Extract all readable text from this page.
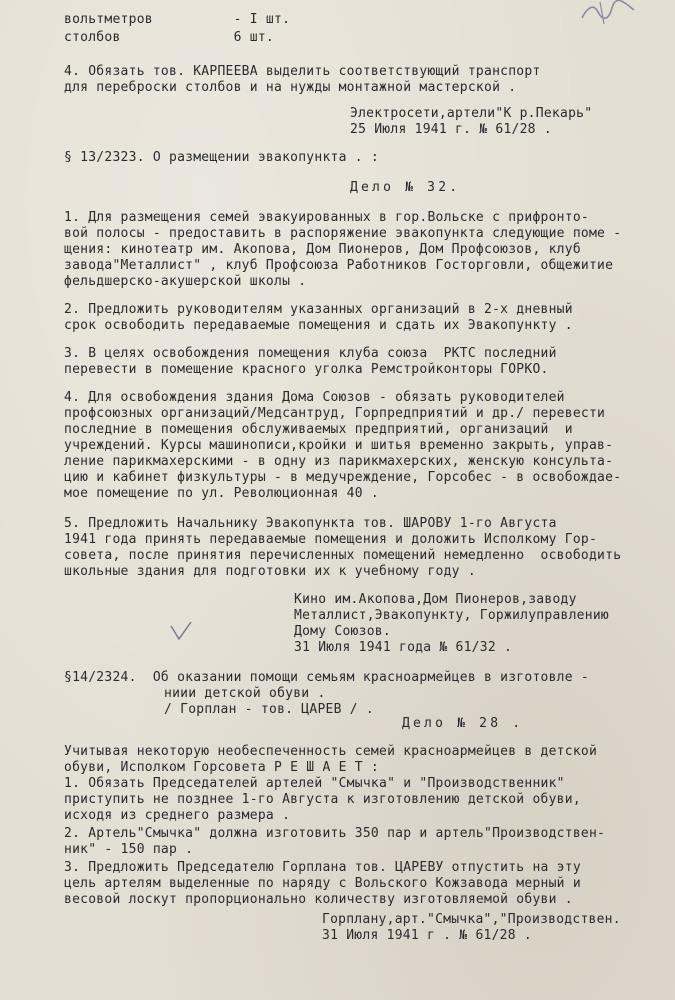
вольтметров          - I шт.
столбов              6 шт.
4. Обязать тов. КАРПЕЕВА выделить соответствующий транспорт
для переброски столбов и на нужды монтажной мастерской .
Электросети,артели"К р.Пекарь"
25 Июля 1941 г. № 61/28 .
§ 13/2323. О размещении эвакопункта . :
Дело № 32.
1. Для размещения семей эвакуированных в гор.Вольске с прифронто-
вой полосы - предоставить в распоряжение эвакопункта следующие поме -
щения: кинотеатр им. Акопова, Дом Пионеров, Дом Профсоюзов, клуб
завода"Металлист" , клуб Профсоюза Работников Госторговли, общежитие
фельдшерско-акушерской школы .
2. Предложить руководителям указанных организаций в 2-х дневный
срок освободить передаваемые помещения и сдать их Эвакопункту .
3. В целях освобождения помещения клуба союза  РКТС последний
перевести в помещение красного уголка Ремстройконторы ГОРКО.
4. Для освобождения здания Дома Союзов - обязать руководителей
профсоюзных организаций/Медсантруд, Горпредприятий и др./ перевести
последние в помещения обслуживаемых предприятий, организаций  и
учреждений. Курсы машинописи,кройки и шитья временно закрыть, управ-
ление парикмахерскими - в одну из парикмахерских, женскую консульта-
цию и кабинет физкультуры - в медучреждение, Горсобес - в освобождае-
мое помещение по ул. Революционная 40 .
5. Предложить Начальнику Эвакопункта тов. ШАРОВУ 1-го Августа
1941 года принять передаваемые помещения и доложить Исполкому Гор-
совета, после принятия перечисленных помещений немедленно  освободить
школьные здания для подготовки их к учебному году .
Кино им.Акопова,Дом Пионеров,заводу
Металлист,Эвакопункту, Горжилуправлению
Дому Союзов.
31 Июля 1941 года № 61/32 .
§14/2324.  Об оказании помощи семьям красноармейцев в изготовле -
ниии детской обуви .
/ Горплан - тов. ЦАРЕВ / .
Дело № 28 .
Учитывая некоторую необеспеченность семей красноармейцев в детской
обуви, Исполком Горсовета Р Е Ш А Е Т :
1. Обязать Председателей артелей "Смычка" и "Производственник"
приступить не позднее 1-го Августа к изготовлению детской обуви,
исходя из среднего размера .
2. Артель"Смычка" должна изготовить 350 пар и артель"Производствен-
ник" - 150 пар .
3. Предложить Председателю Горплана тов. ЦАРЕВУ отпустить на эту
цель артелям выделенные по наряду с Вольского Кожзавода мерный и
весовой лоскут пропорционально количеству изготовляемой обуви .
Горплану,арт."Смычка","Производствен.
31 Июля 1941 г . № 61/28 .
